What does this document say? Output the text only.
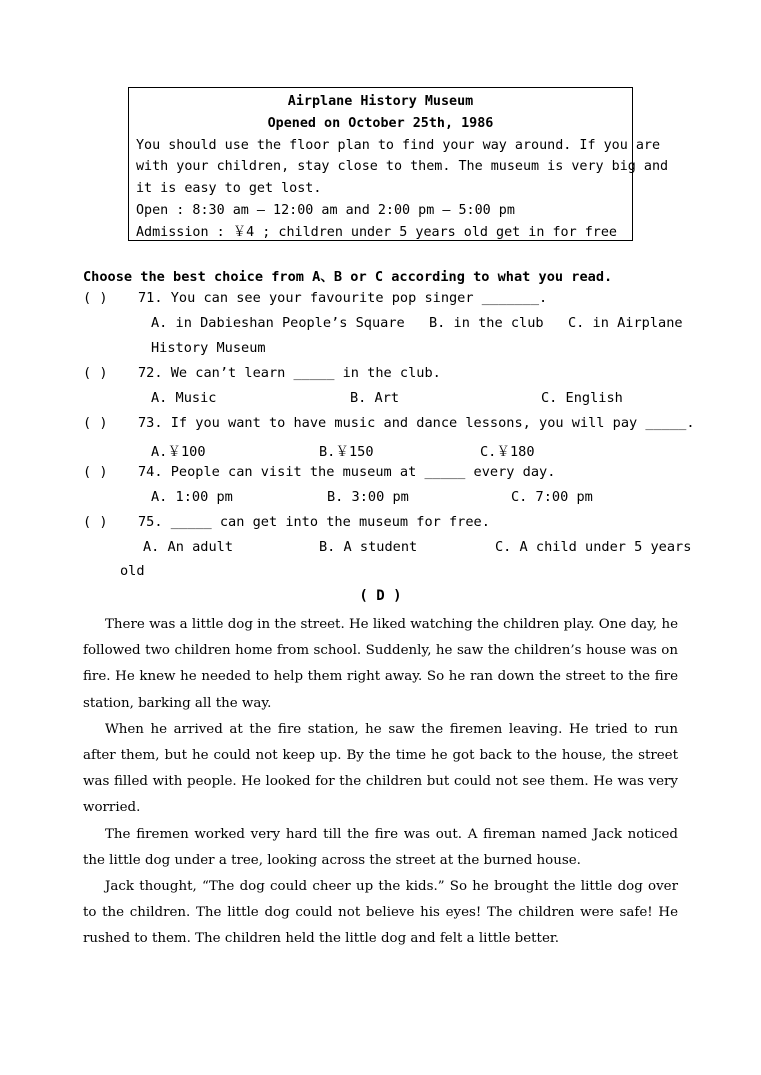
Airplane History Museum
Opened on October 25th, 1986
You should use the floor plan to find your way around. If you are
with your children, stay close to them. The museum is very big and
it is easy to get lost.
Open : 8:30 am — 12:00 am and 2:00 pm — 5:00 pm
Admission : ￥4 ; children under 5 years old get in for free
Choose the best choice from A、B or C according to what you read.
( ) 71. You can see your favourite pop singer _______.
A. in Dabieshan People’s Square B. in the club C. in Airplane
History Museum
( ) 72. We can’t learn _____ in the club.
A. Music	B. Art	C. English
( ) 73. If you want to have music and dance lessons, you will pay _____.
A.￥100	B.￥150	C.￥180
( ) 74. People can visit the museum at _____ every day.
A. 1:00 pm	B. 3:00 pm	C. 7:00 pm
( ) 75. _____ can get into the museum for free.
A. An adult	B. A student	C. A child under 5 years
old
( D )

There was a little dog in the street. He liked watching the children play. One day, he followed two children home from school. Suddenly, he saw the children’s house was on fire. He knew he needed to help them right away. So he ran down the street to the fire station, barking all the way.

When he arrived at the fire station, he saw the firemen leaving. He tried to run after them, but he could not keep up. By the time he got back to the house, the street was filled with people. He looked for the children but could not see them. He was very worried.

The firemen worked very hard till the fire was out. A fireman named Jack noticed the little dog under a tree, looking across the street at the burned house.

Jack thought, “The dog could cheer up the kids.” So he brought the little dog over to the children. The little dog could not believe his eyes! The children were safe! He rushed to them. The children held the little dog and felt a little better.
